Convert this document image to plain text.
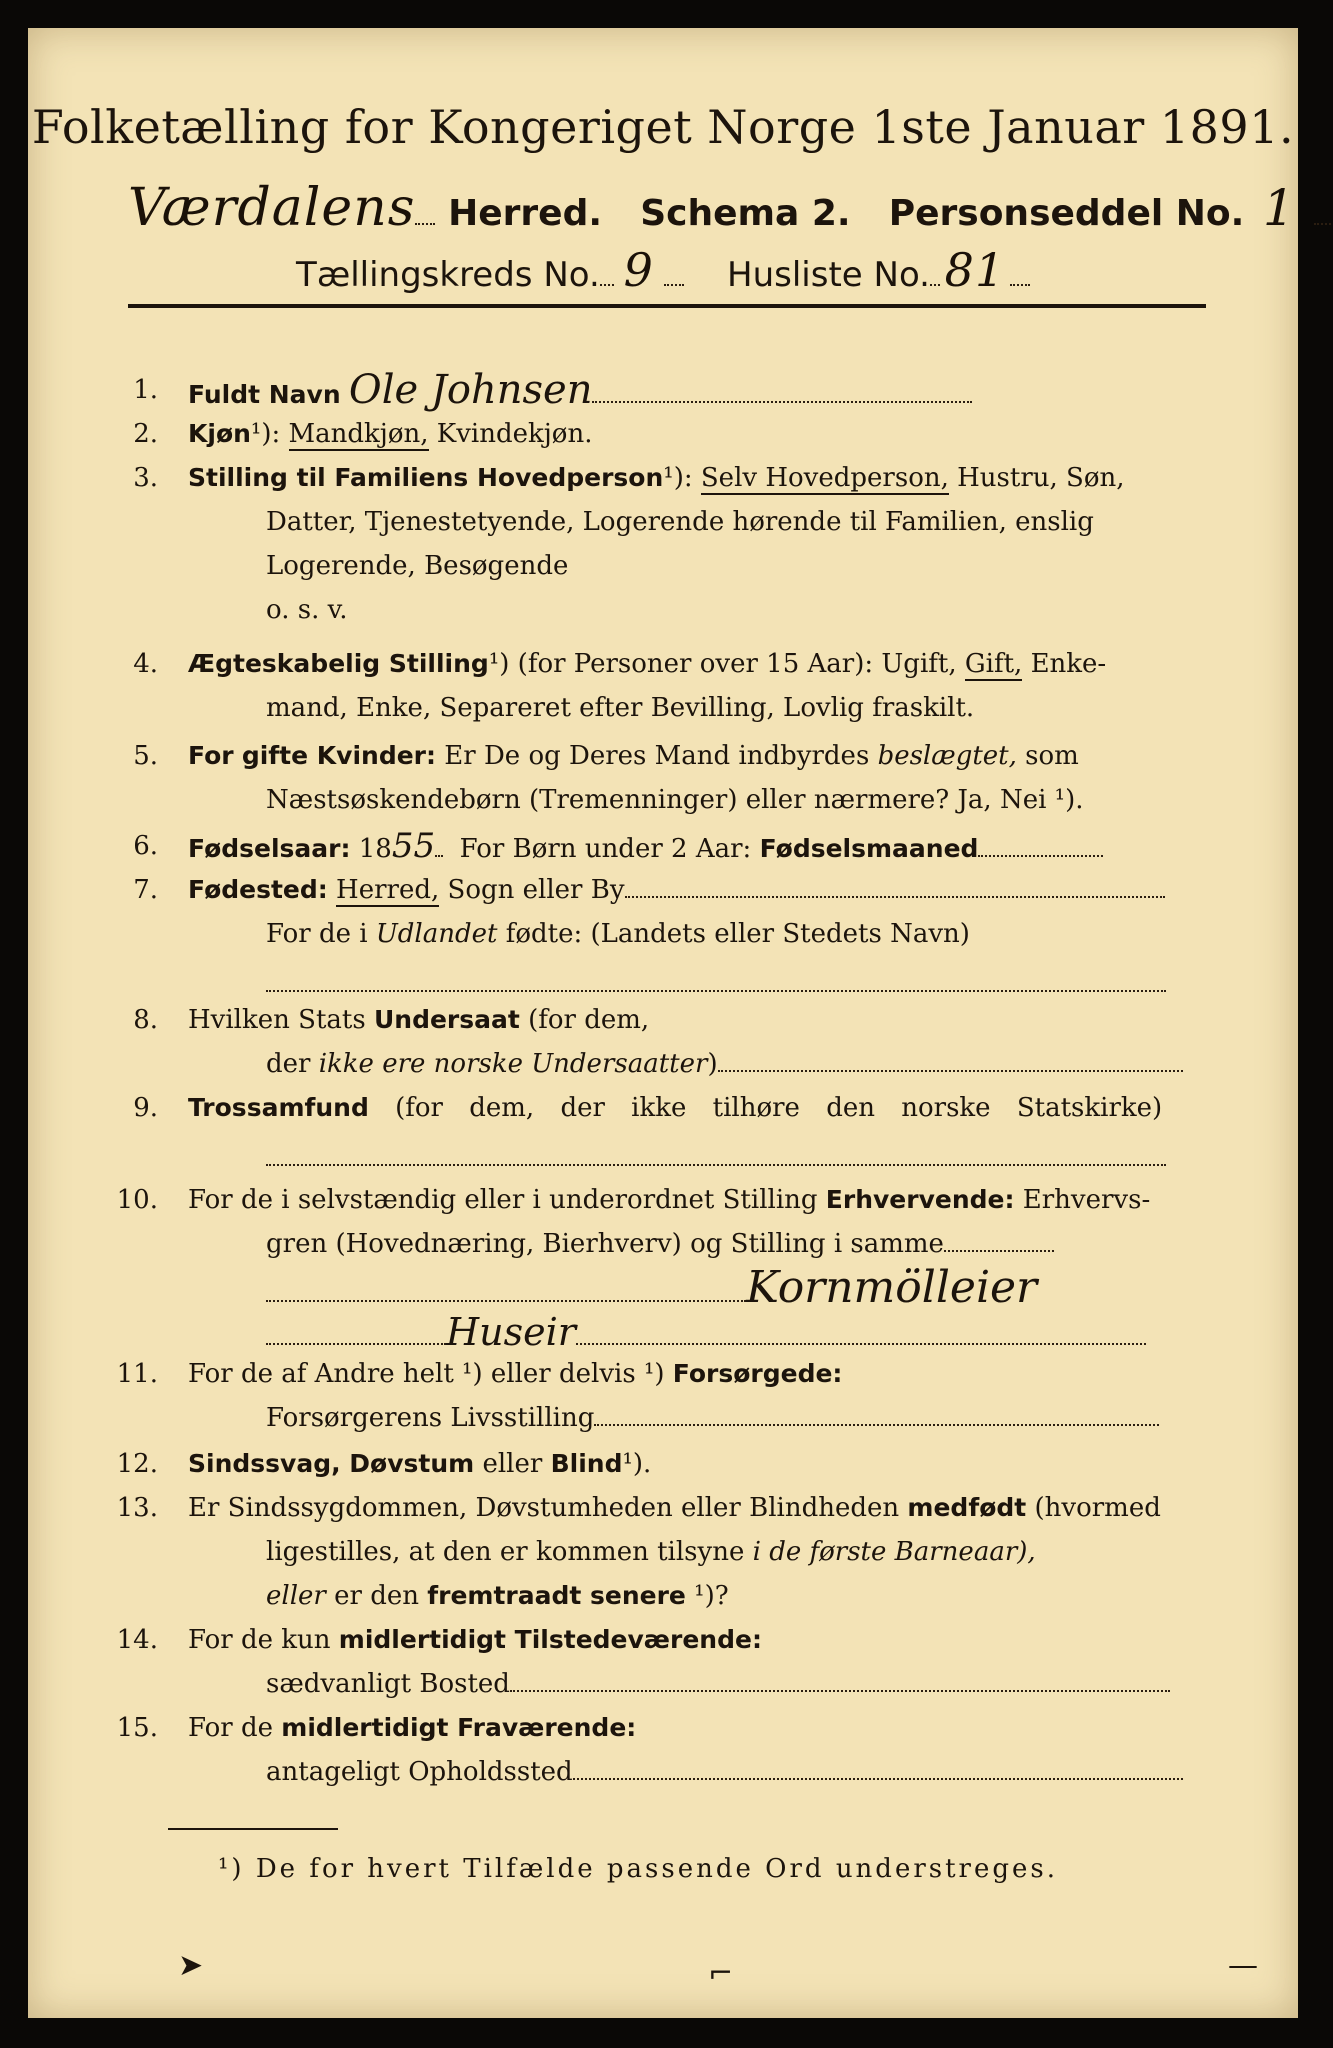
Folketælling for Kongeriget Norge 1ste Januar 1891.
Værdalens Herred. Schema 2. Personseddel No. 1
Tællingskreds No. 9 Husliste No. 81
1. Fuldt Navn Ole Johnsen
2. Kjøn¹): Mandkjøn, Kvindekjøn.
3. Stilling til Familiens Hovedperson¹): Selv Hovedperson, Hustru, Søn,
Datter, Tjenestetyende, Logerende hørende til Familien, enslig
Logerende, Besøgende
o. s. v.
4. Ægteskabelig Stilling¹) (for Personer over 15 Aar): Ugift, Gift, Enke-
mand, Enke, Separeret efter Bevilling, Lovlig fraskilt.
5. For gifte Kvinder: Er De og Deres Mand indbyrdes beslægtet, som
Næstsøskendebørn (Tremenninger) eller nærmere? Ja, Nei ¹).
6. Fødselsaar: 1855 For Børn under 2 Aar: Fødselsmaaned
7. Fødested: Herred, Sogn eller By
For de i Udlandet fødte: (Landets eller Stedets Navn)
8. Hvilken Stats Undersaat (for dem,
der ikke ere norske Undersaatter)
9. Trossamfund (for dem, der ikke tilhøre den norske Statskirke)
10. For de i selvstændig eller i underordnet Stilling Erhvervende: Erhvervs-
gren (Hovednæring, Bierhverv) og Stilling i samme
Kornmölleier
Huseir
11. For de af Andre helt ¹) eller delvis ¹) Forsørgede:
Forsørgerens Livsstilling
12. Sindssvag, Døvstum eller Blind¹).
13. Er Sindssygdommen, Døvstumheden eller Blindheden medfødt (hvormed
ligestilles, at den er kommen tilsyne i de første Barneaar),
eller er den fremtraadt senere ¹)?
14. For de kun midlertidigt Tilstedeværende:
sædvanligt Bosted
15. For de midlertidigt Fraværende:
antageligt Opholdssted
¹) De for hvert Tilfælde passende Ord understreges.
➤	⌐	—
